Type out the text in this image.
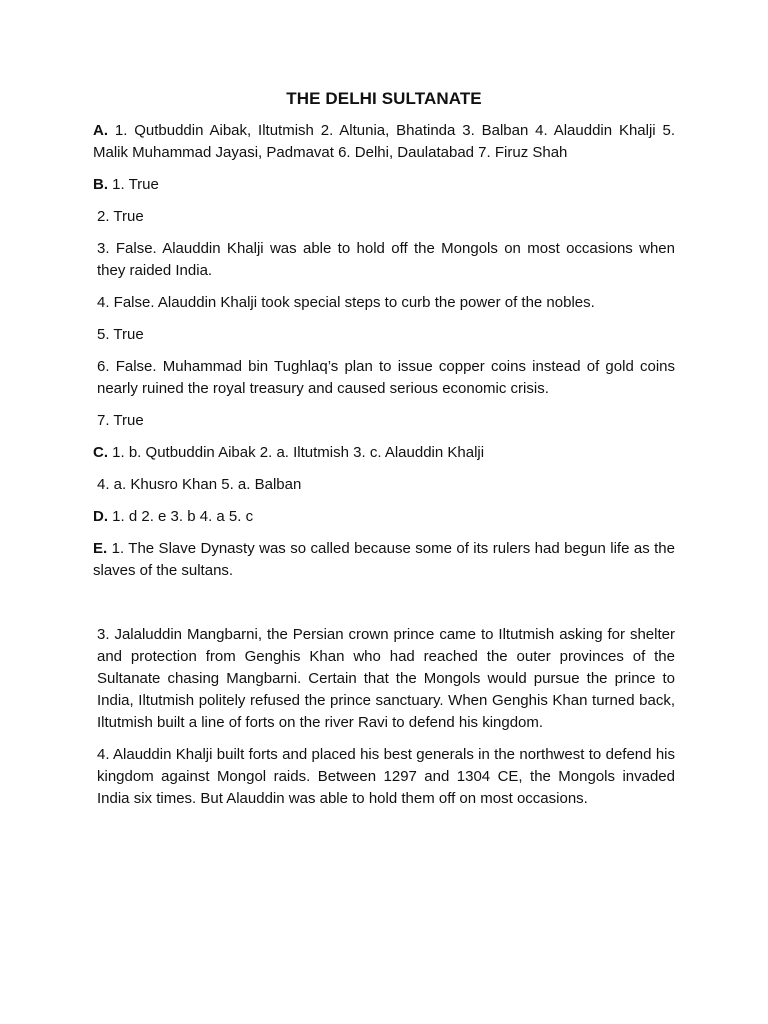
THE DELHI SULTANATE

A. 1. Qutbuddin Aibak, Iltutmish 2. Altunia, Bhatinda 3. Balban 4. Alauddin Khalji 5. Malik Muhammad Jayasi, Padmavat 6. Delhi, Daulatabad 7. Firuz Shah

B. 1. True

2. True

3. False. Alauddin Khalji was able to hold off the Mongols on most occasions when they raided India.

4. False. Alauddin Khalji took special steps to curb the power of the nobles.

5. True

6. False. Muhammad bin Tughlaq’s plan to issue copper coins instead of gold coins nearly ruined the royal treasury and caused serious economic crisis.

7. True

C. 1. b. Qutbuddin Aibak 2. a. Iltutmish 3. c. Alauddin Khalji

4. a. Khusro Khan 5. a. Balban

D. 1. d 2. e 3. b 4. a 5. c

E. 1. The Slave Dynasty was so called because some of its rulers had begun life as the slaves of the sultans.

3. Jalaluddin Mangbarni, the Persian crown prince came to Iltutmish asking for shelter and protection from Genghis Khan who had reached the outer provinces of the Sultanate chasing Mangbarni. Certain that the Mongols would pursue the prince to India, Iltutmish politely refused the prince sanctuary. When Genghis Khan turned back, Iltutmish built a line of forts on the river Ravi to defend his kingdom.

4. Alauddin Khalji built forts and placed his best generals in the northwest to defend his kingdom against Mongol raids. Between 1297 and 1304 CE, the Mongols invaded India six times. But Alauddin was able to hold them off on most occasions.
